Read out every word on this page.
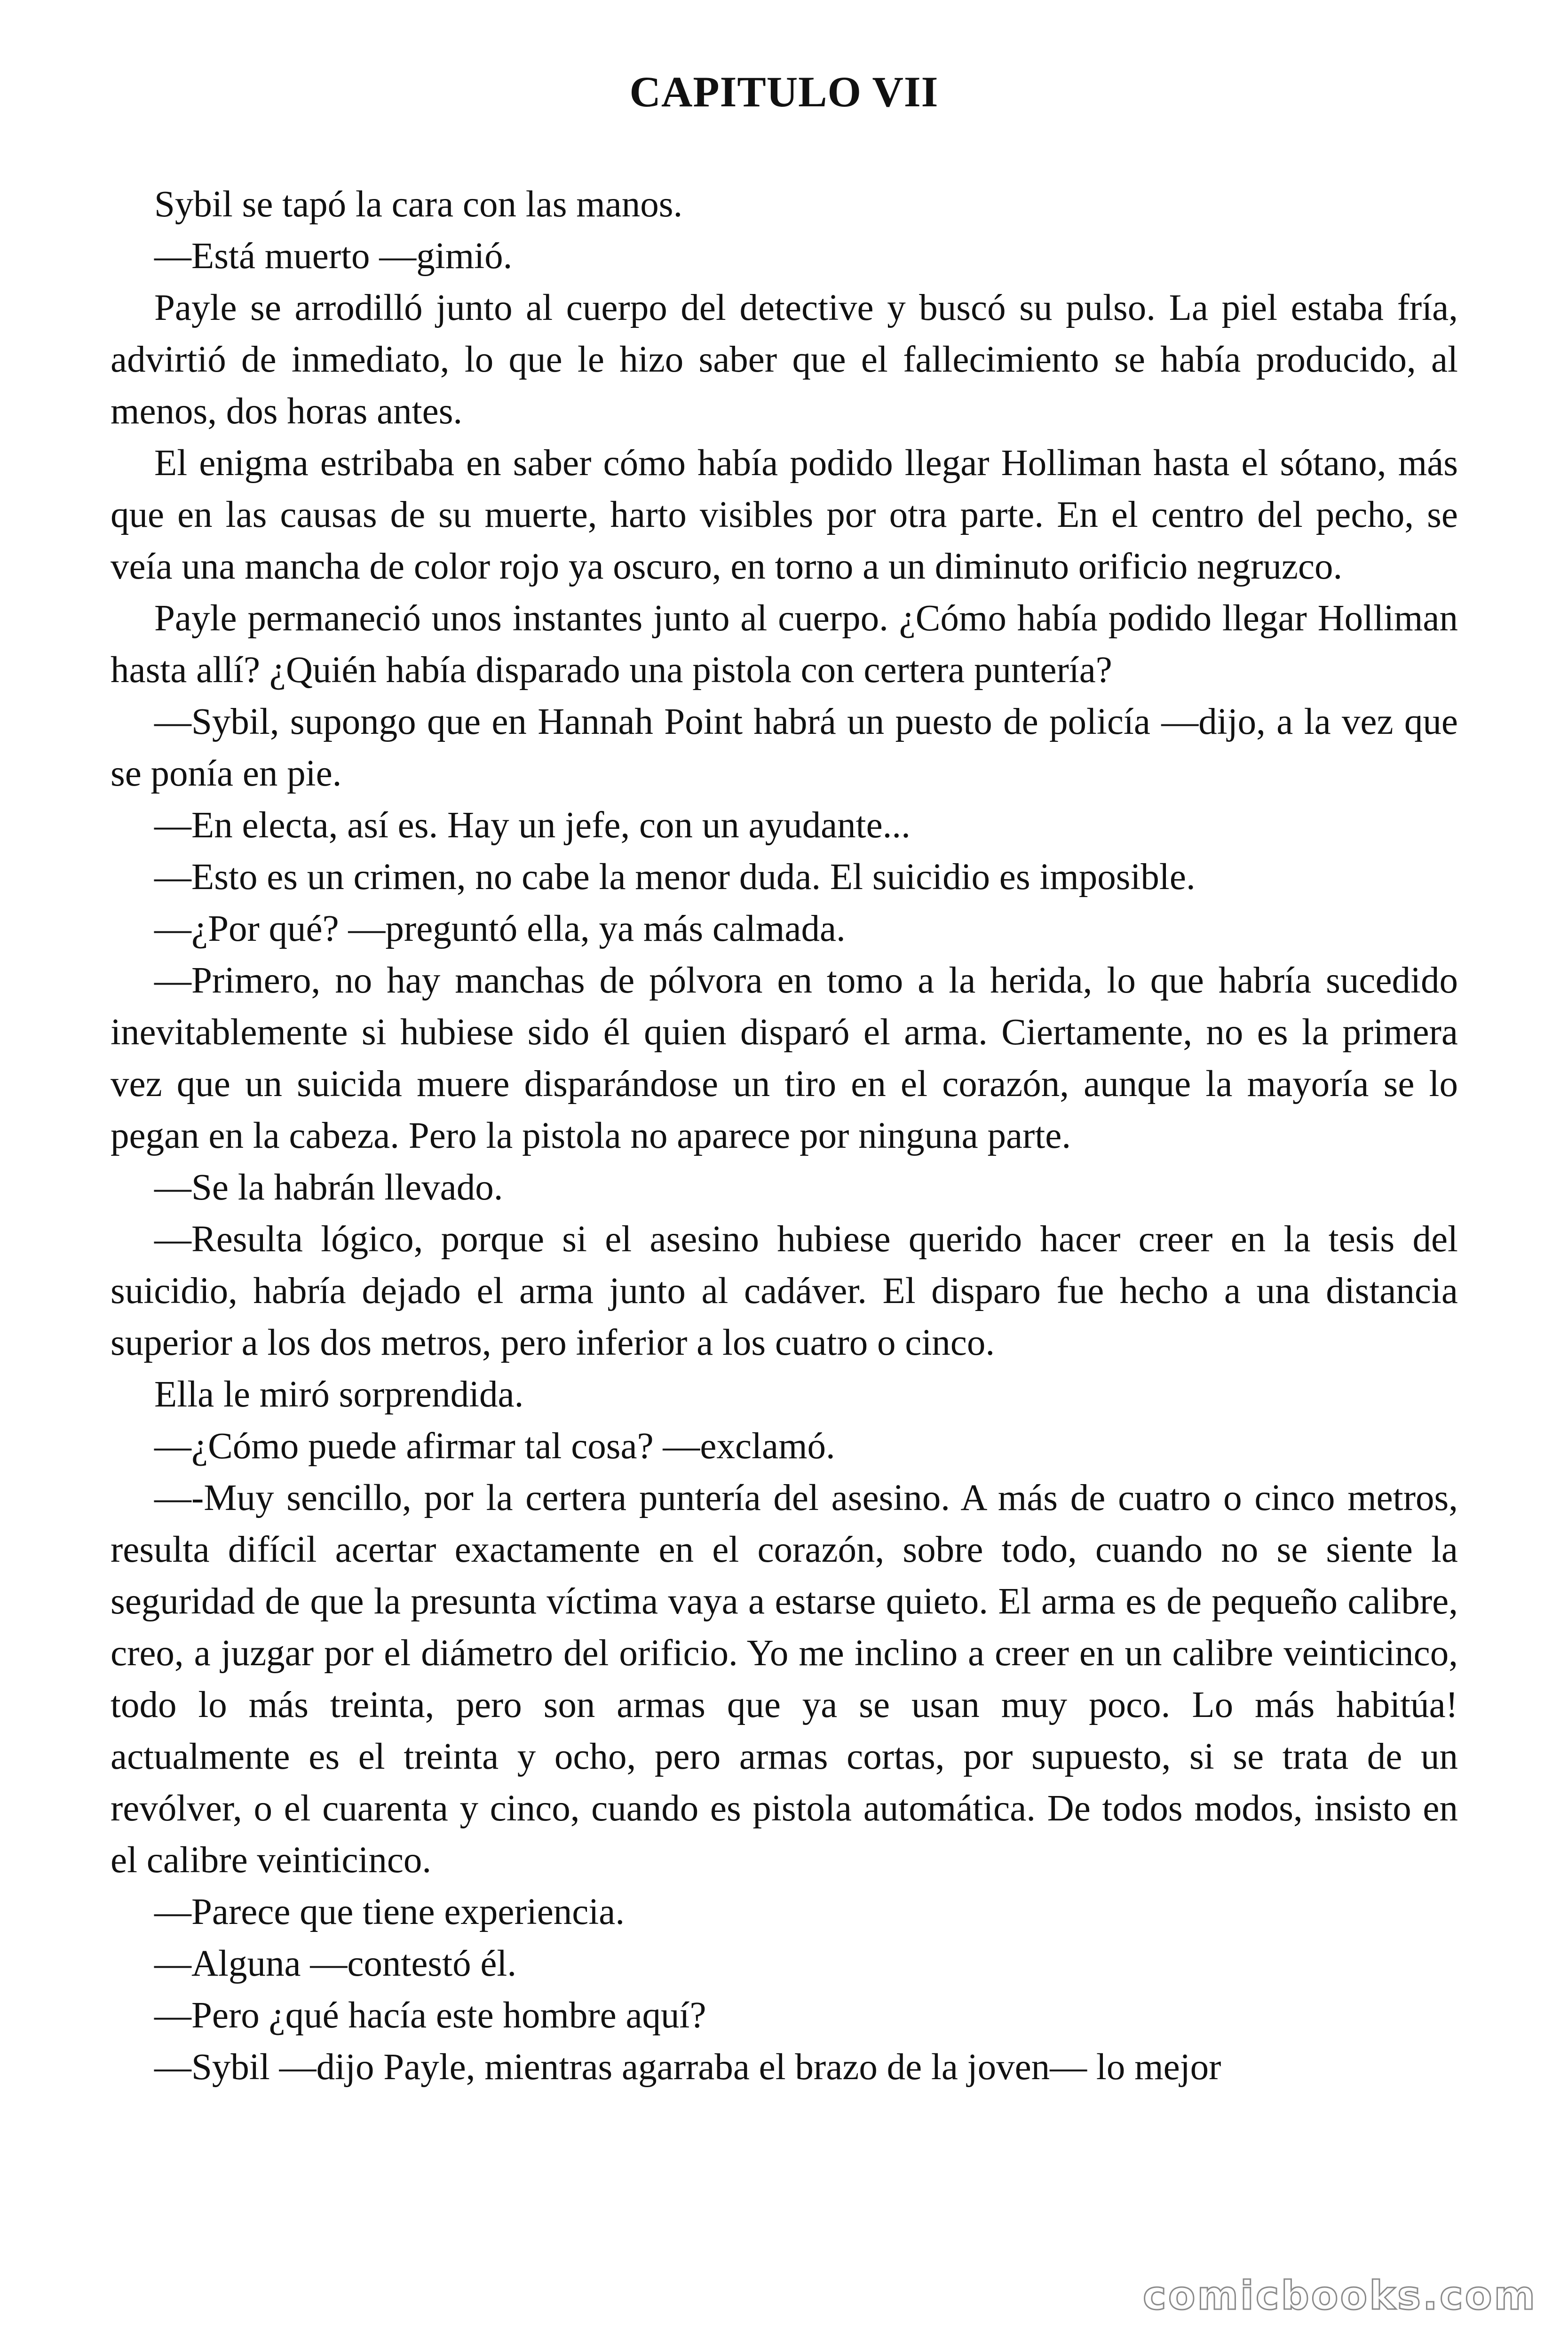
CAPITULO VII

Sybil se tapó la cara con las manos.

—Está muerto —gimió.

Payle se arrodilló junto al cuerpo del detective y buscó su pulso. La piel estaba fría, advirtió de inmediato, lo que le hizo saber que el fallecimiento se había producido, al menos, dos horas antes.

El enigma estribaba en saber cómo había podido llegar Holliman hasta el sótano, más que en las causas de su muerte, harto visibles por otra parte. En el centro del pecho, se veía una mancha de color rojo ya oscuro, en torno a un diminuto orificio negruzco.

Payle permaneció unos instantes junto al cuerpo. ¿Cómo había podido llegar Holliman hasta allí? ¿Quién había disparado una pistola con certera puntería?

—Sybil, supongo que en Hannah Point habrá un puesto de policía —dijo, a la vez que se ponía en pie.

—En electa, así es. Hay un jefe, con un ayudante...

—Esto es un crimen, no cabe la menor duda. El suicidio es imposible.

—¿Por qué? —preguntó ella, ya más calmada.

—Primero, no hay manchas de pólvora en tomo a la herida, lo que habría sucedido inevitablemente si hubiese sido él quien disparó el arma. Ciertamente, no es la primera vez que un suicida muere disparándose un tiro en el corazón, aunque la mayoría se lo pegan en la cabeza. Pero la pistola no aparece por ninguna parte.

—Se la habrán llevado.

—Resulta lógico, porque si el asesino hubiese querido hacer creer en la tesis del suicidio, habría dejado el arma junto al cadáver. El disparo fue hecho a una distancia superior a los dos metros, pero inferior a los cuatro o cinco.

Ella le miró sorprendida.

—¿Cómo puede afirmar tal cosa? —exclamó.

—-Muy sencillo, por la certera puntería del asesino. A más de cuatro o cinco metros, resulta difícil acertar exactamente en el corazón, sobre todo, cuando no se siente la seguridad de que la presunta víctima vaya a estarse quieto. El arma es de pequeño calibre, creo, a juzgar por el diámetro del orificio. Yo me inclino a creer en un calibre veinticinco, todo lo más treinta, pero son armas que ya se usan muy poco. Lo más habitúa! actualmente es el treinta y ocho, pero armas cortas, por supuesto, si se trata de un revólver, o el cuarenta y cinco, cuando es pistola automática. De todos modos, insisto en el calibre veinticinco.

—Parece que tiene experiencia.

—Alguna —contestó él.

—Pero ¿qué hacía este hombre aquí?

—Sybil —dijo Payle, mientras agarraba el brazo de la joven— lo mejor

comicbooks.com
